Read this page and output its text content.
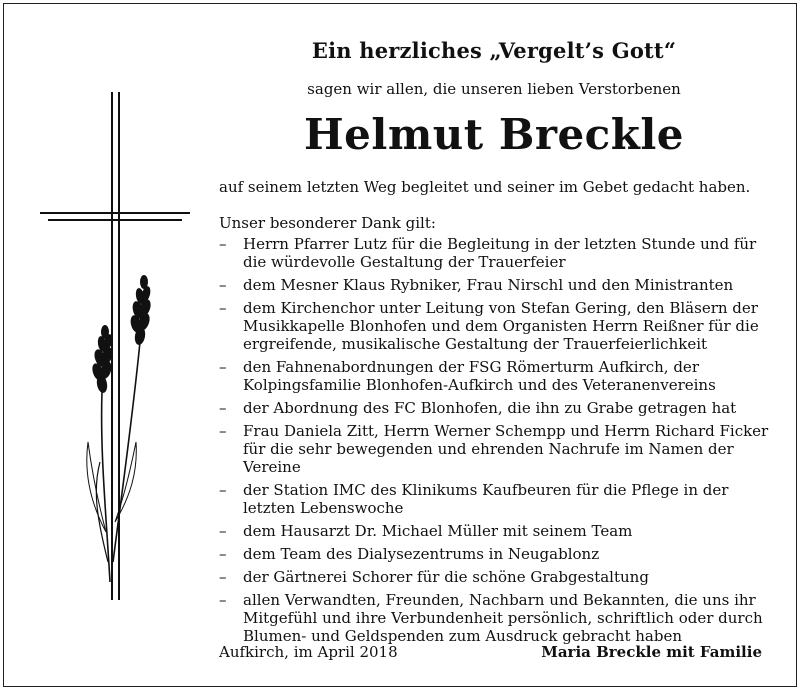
Ein herzliches „Vergelt’s Gott“
sagen wir allen, die unseren lieben Verstorbenen
Helmut Breckle
auf seinem letzten Weg begleitet und seiner im Gebet gedacht haben.

Unser besonderer Dank gilt:

– Herrn Pfarrer Lutz für die Begleitung in der letzten Stunde und für die würdevolle Gestaltung der Trauerfeier
– dem Mesner Klaus Rybniker, Frau Nirschl und den Ministranten
– dem Kirchenchor unter Leitung von Stefan Gering, den Bläsern der Musikkapelle Blonhofen und dem Organisten Herrn Reißner für die ergreifende, musikalische Gestaltung der Trauerfeierlichkeit
– den Fahnenabordnungen der FSG Römerturm Aufkirch, der Kolpingsfamilie Blonhofen-Aufkirch und des Veteranenvereins
– der Abordnung des FC Blonhofen, die ihn zu Grabe getragen hat
– Frau Daniela Zitt, Herrn Werner Schempp und Herrn Richard Ficker für die sehr bewegenden und ehrenden Nachrufe im Namen der Vereine
– der Station IMC des Klinikums Kaufbeuren für die Pflege in der letzten Lebenswoche
– dem Hausarzt Dr. Michael Müller mit seinem Team
– dem Team des Dialysezentrums in Neugablonz
– der Gärtnerei Schorer für die schöne Grabgestaltung
– allen Verwandten, Freunden, Nachbarn und Bekannten, die uns ihr Mitgefühl und ihre Verbundenheit persönlich, schriftlich oder durch Blumen- und Geldspenden zum Ausdruck gebracht haben
Aufkirch, im April 2018	Maria Breckle mit Familie
